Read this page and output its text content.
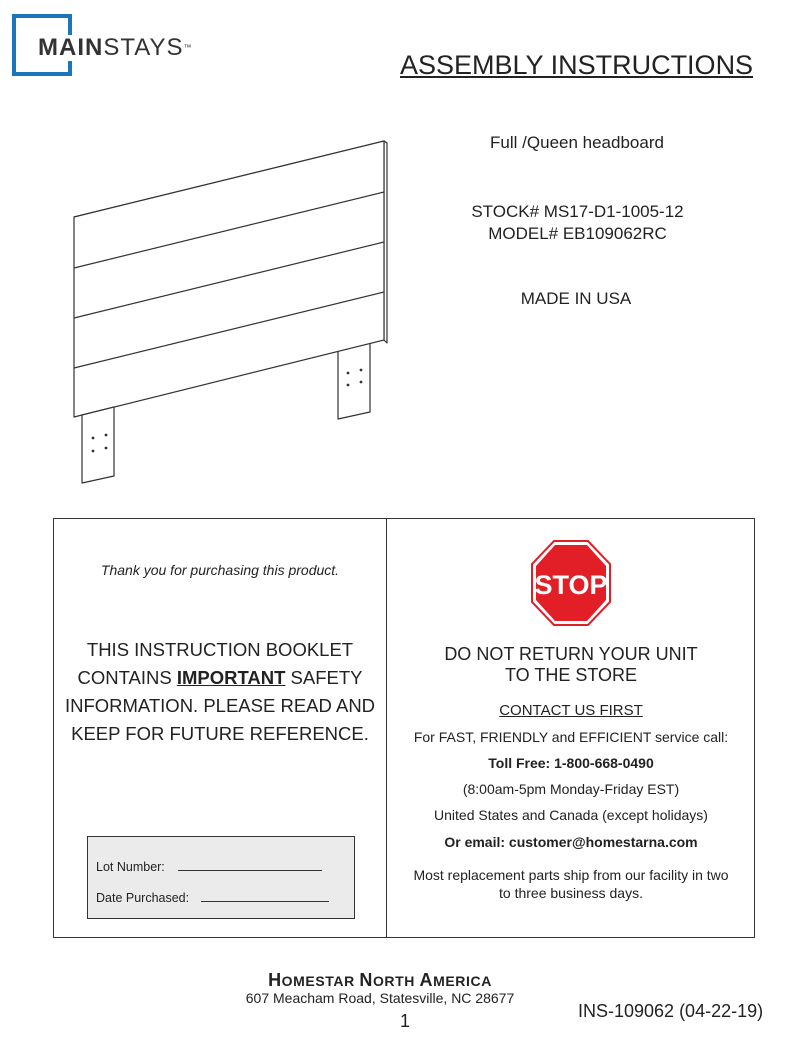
MAINSTAYS™
ASSEMBLY INSTRUCTIONS
Full /Queen headboard
STOCK# MS17-D1-1005-12
MODEL# EB109062RC
MADE IN USA
Thank you for purchasing this product.
THIS INSTRUCTION BOOKLET CONTAINS IMPORTANT SAFETY INFORMATION. PLEASE READ AND KEEP FOR FUTURE REFERENCE.
Lot Number:
Date Purchased:
STOP
DO NOT RETURN YOUR UNIT
TO THE STORE
CONTACT US FIRST
For FAST, FRIENDLY and EFFICIENT service call:
Toll Free: 1-800-668-0490
(8:00am-5pm Monday-Friday EST)
United States and Canada (except holidays)
Or email: customer@homestarna.com
Most replacement parts ship from our facility in two
to three business days.
HOMESTAR NORTH AMERICA
607 Meacham Road, Statesville, NC 28677
1	INS-109062 (04-22-19)
